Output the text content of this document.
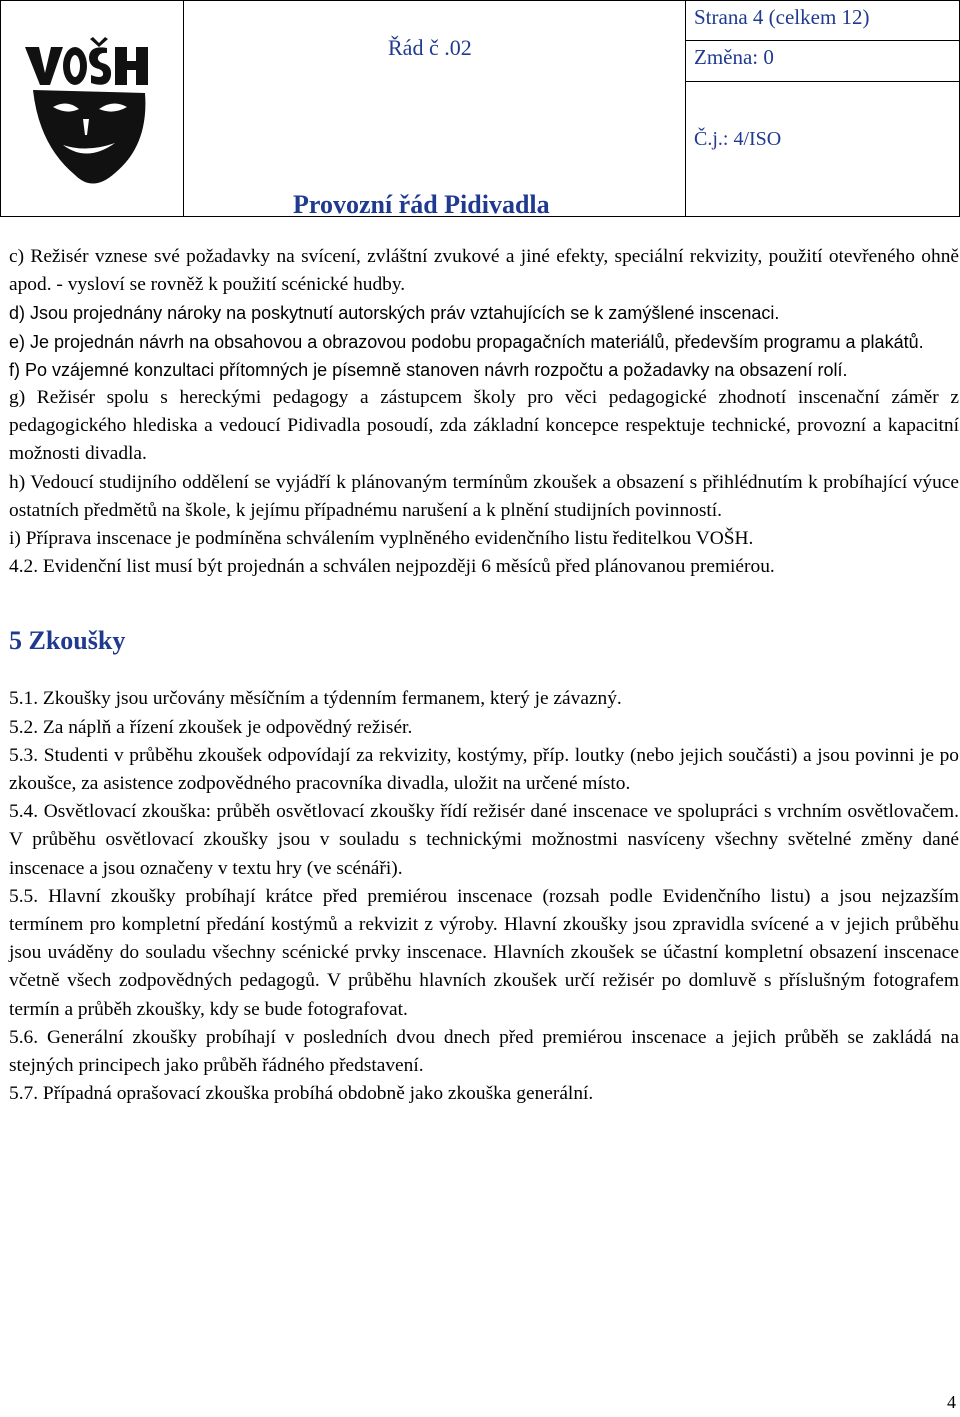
Řád č .02
Provozní řád Pidivadla
Strana 4 (celkem 12)
Změna: 0
Č.j.: 4/ISO

c) Režisér vznese své požadavky na svícení, zvláštní zvukové a jiné efekty, speciální rekvizity, použití otevřeného ohně apod. - vysloví se rovněž k použití scénické hudby.

d) Jsou projednány nároky na poskytnutí autorských práv vztahujících se k zamýšlené inscenaci.

e) Je projednán návrh na obsahovou a obrazovou podobu propagačních materiálů, především programu a plakátů.

f) Po vzájemné konzultaci přítomných je písemně stanoven návrh rozpočtu a požadavky na obsazení rolí.

g) Režisér spolu s hereckými pedagogy a zástupcem školy pro věci pedagogické zhodnotí inscenační záměr z pedagogického hlediska a vedoucí Pidivadla posoudí, zda základní koncepce respektuje technické, provozní a kapacitní možnosti divadla.

h) Vedoucí studijního oddělení se vyjádří k plánovaným termínům zkoušek a obsazení s přihlédnutím k probíhající výuce ostatních předmětů na škole, k jejímu případnému narušení a k plnění studijních povinností.

i) Příprava inscenace je podmíněna schválením vyplněného evidenčního listu ředitelkou VOŠH.

4.2. Evidenční list musí být projednán a schválen nejpozději 6 měsíců před plánovanou premiérou.

5 Zkoušky

5.1. Zkoušky jsou určovány měsíčním a týdenním fermanem, který je závazný.

5.2. Za náplň a řízení zkoušek je odpovědný režisér.

5.3. Studenti v průběhu zkoušek odpovídají za rekvizity, kostýmy, příp. loutky (nebo jejich součásti) a jsou povinni je po zkoušce, za asistence zodpovědného pracovníka divadla, uložit na určené místo.

5.4. Osvětlovací zkouška: průběh osvětlovací zkoušky řídí režisér dané inscenace ve spolupráci s vrchním osvětlovačem. V průběhu osvětlovací zkoušky jsou v souladu s technickými možnostmi nasvíceny všechny světelné změny dané inscenace a jsou označeny v textu hry (ve scénáři).

5.5. Hlavní zkoušky probíhají krátce před premiérou inscenace (rozsah podle Evidenčního listu) a jsou nejzazším termínem pro kompletní předání kostýmů a rekvizit z výroby. Hlavní zkoušky jsou zpravidla svícené a v jejich průběhu jsou uváděny do souladu všechny scénické prvky inscenace. Hlavních zkoušek se účastní kompletní obsazení inscenace včetně všech zodpovědných pedagogů. V průběhu hlavních zkoušek určí režisér po domluvě s příslušným fotografem termín a průběh zkoušky, kdy se bude fotografovat.

5.6. Generální zkoušky probíhají v posledních dvou dnech před premiérou inscenace a jejich průběh se zakládá na stejných principech jako průběh řádného představení.

5.7. Případná oprašovací zkouška probíhá obdobně jako zkouška generální.

4
